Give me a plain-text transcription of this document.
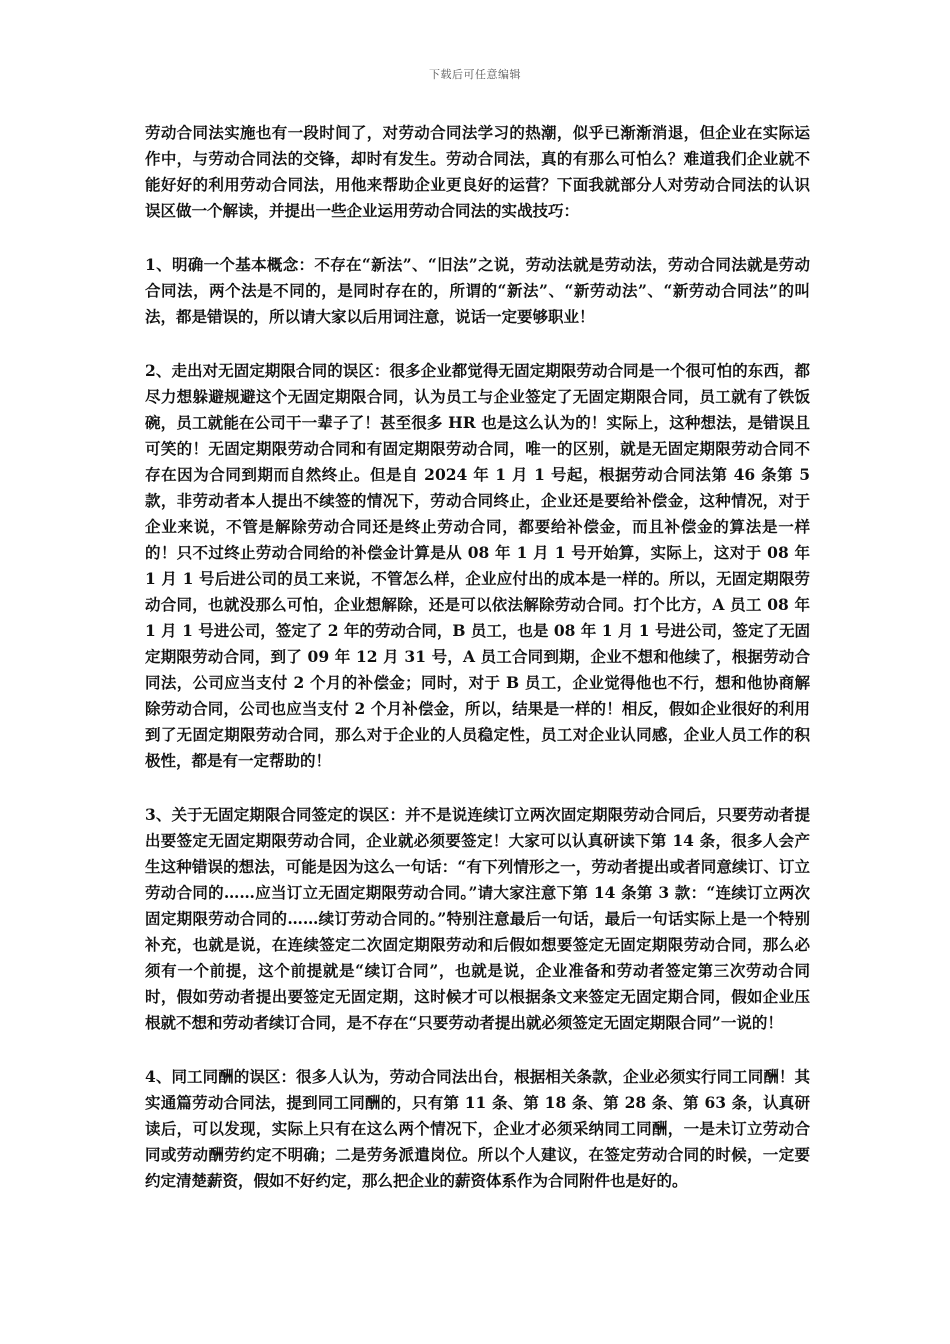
下载后可任意编辑

劳动合同法实施也有一段时间了，对劳动合同法学习的热潮，似乎已渐渐消退，但企业在实际运作中，与劳动合同法的交锋，却时有发生。劳动合同法，真的有那么可怕么？难道我们企业就不能好好的利用劳动合同法，用他来帮助企业更良好的运营？下面我就部分人对劳动合同法的认识误区做一个解读，并提出一些企业运用劳动合同法的实战技巧：

1、明确一个基本概念：不存在“新法”、“旧法”之说，劳动法就是劳动法，劳动合同法就是劳动合同法，两个法是不同的，是同时存在的，所谓的“新法”、“新劳动法”、“新劳动合同法”的叫法，都是错误的，所以请大家以后用词注意，说话一定要够职业！

2、走出对无固定期限合同的误区：很多企业都觉得无固定期限劳动合同是一个很可怕的东西，都尽力想躲避规避这个无固定期限合同，认为员工与企业签定了无固定期限合同，员工就有了铁饭碗，员工就能在公司干一辈子了！甚至很多 HR 也是这么认为的！实际上，这种想法，是错误且可笑的！无固定期限劳动合同和有固定期限劳动合同，唯一的区别，就是无固定期限劳动合同不存在因为合同到期而自然终止。但是自 2024 年 1 月 1 号起，根据劳动合同法第 46 条第 5 款，非劳动者本人提出不续签的情况下，劳动合同终止，企业还是要给补偿金，这种情况，对于企业来说，不管是解除劳动合同还是终止劳动合同，都要给补偿金，而且补偿金的算法是一样的！只不过终止劳动合同给的补偿金计算是从 08 年 1 月 1 号开始算，实际上，这对于 08 年 1 月 1 号后进公司的员工来说，不管怎么样，企业应付出的成本是一样的。所以，无固定期限劳动合同，也就没那么可怕，企业想解除，还是可以依法解除劳动合同。打个比方，A 员工 08 年 1 月 1 号进公司，签定了 2 年的劳动合同，B 员工，也是 08 年 1 月 1 号进公司，签定了无固定期限劳动合同，到了 09 年 12 月 31 号，A 员工合同到期，企业不想和他续了，根据劳动合同法，公司应当支付 2 个月的补偿金；同时，对于 B 员工，企业觉得他也不行，想和他协商解除劳动合同，公司也应当支付 2 个月补偿金，所以，结果是一样的！相反，假如企业很好的利用到了无固定期限劳动合同，那么对于企业的人员稳定性，员工对企业认同感，企业人员工作的积极性，都是有一定帮助的！

3、关于无固定期限合同签定的误区：并不是说连续订立两次固定期限劳动合同后，只要劳动者提出要签定无固定期限劳动合同，企业就必须要签定！大家可以认真研读下第 14 条，很多人会产生这种错误的想法，可能是因为这么一句话：“有下列情形之一，劳动者提出或者同意续订、订立劳动合同的……应当订立无固定期限劳动合同。”请大家注意下第 14 条第 3 款：“连续订立两次固定期限劳动合同的……续订劳动合同的。”特别注意最后一句话，最后一句话实际上是一个特别补充，也就是说，在连续签定二次固定期限劳动和后假如想要签定无固定期限劳动合同，那么必须有一个前提，这个前提就是“续订合同”，也就是说，企业准备和劳动者签定第三次劳动合同时，假如劳动者提出要签定无固定期，这时候才可以根据条文来签定无固定期合同，假如企业压根就不想和劳动者续订合同，是不存在“只要劳动者提出就必须签定无固定期限合同”一说的！

4、同工同酬的误区：很多人认为，劳动合同法出台，根据相关条款，企业必须实行同工同酬！其实通篇劳动合同法，提到同工同酬的，只有第 11 条、第 18 条、第 28 条、第 63 条，认真研读后，可以发现，实际上只有在这么两个情况下，企业才必须采纳同工同酬，一是未订立劳动合同或劳动酬劳约定不明确；二是劳务派遣岗位。所以个人建议，在签定劳动合同的时候，一定要约定清楚薪资，假如不好约定，那么把企业的薪资体系作为合同附件也是好的。
